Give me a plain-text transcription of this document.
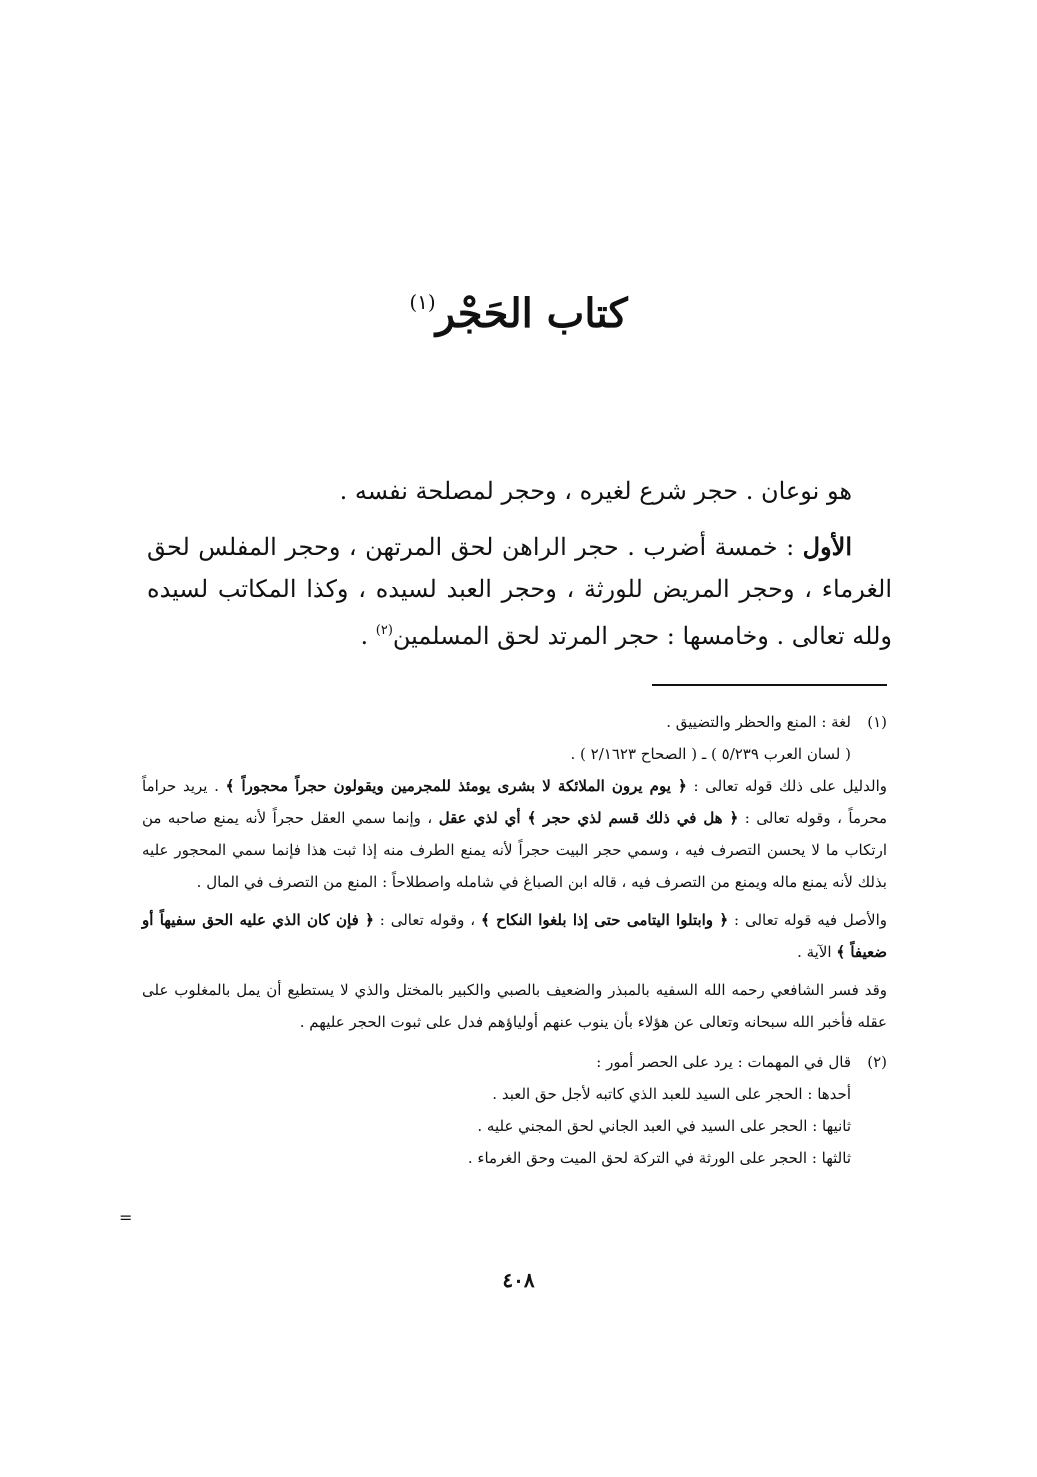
كتاب الحَجْر$^{(١)}$

هو نوعان . حجر شرع لغيره ، وحجر لمصلحة نفسه .

الأول : خمسة أضرب . حجر الراهن لحق المرتهن ، وحجر المفلس لحق الغرماء ، وحجر المريض للورثة ، وحجر العبد لسيده ، وكذا المكاتب لسيده ولله تعالى . وخامسها : حجر المرتد لحق المسلمين$^{(٢)}$ .

(١)

لغة : المنع والحظر والتضييق .

( لسان العرب ٥/٢٣٩ ) ـ ( الصحاح ٢/١٦٢٣ ) .

والدليل على ذلك قوله تعالى : ﴿ يوم يرون الملائكة لا بشرى يومئذ للمجرمين ويقولون حجراً محجوراً ﴾ . يريد حراماً محرماً ، وقوله تعالى : ﴿ هل في ذلك قسم لذي حجر ﴾ أي لذي عقل ، وإنما سمي العقل حجراً لأنه يمنع صاحبه من ارتكاب ما لا يحسن التصرف فيه ، وسمي حجر البيت حجراً لأنه يمنع الطرف منه إذا ثبت هذا فإنما سمي المحجور عليه بذلك لأنه يمنع ماله ويمنع من التصرف فيه ، قاله ابن الصباغ في شامله واصطلاحاً : المنع من التصرف في المال .

والأصل فيه قوله تعالى : ﴿ وابتلوا اليتامى حتى إذا بلغوا النكاح ﴾ ، وقوله تعالى : ﴿ فإن كان الذي عليه الحق سفيهاً أو ضعيفاً ﴾ الآية .

وقد فسر الشافعي رحمه الله السفيه بالمبذر والضعيف بالصبي والكبير بالمختل والذي لا يستطيع أن يمل بالمغلوب على عقله فأخبر الله سبحانه وتعالى عن هؤلاء بأن ينوب عنهم أولياؤهم فدل على ثبوت الحجر عليهم .

(٢)

قال في المهمات : يرد على الحصر أمور :

أحدها : الحجر على السيد للعبد الذي كاتبه لأجل حق العبد .

ثانيها : الحجر على السيد في العبد الجاني لحق المجني عليه .

ثالثها : الحجر على الورثة في التركة لحق الميت وحق الغرماء .

=
٤٠٨
